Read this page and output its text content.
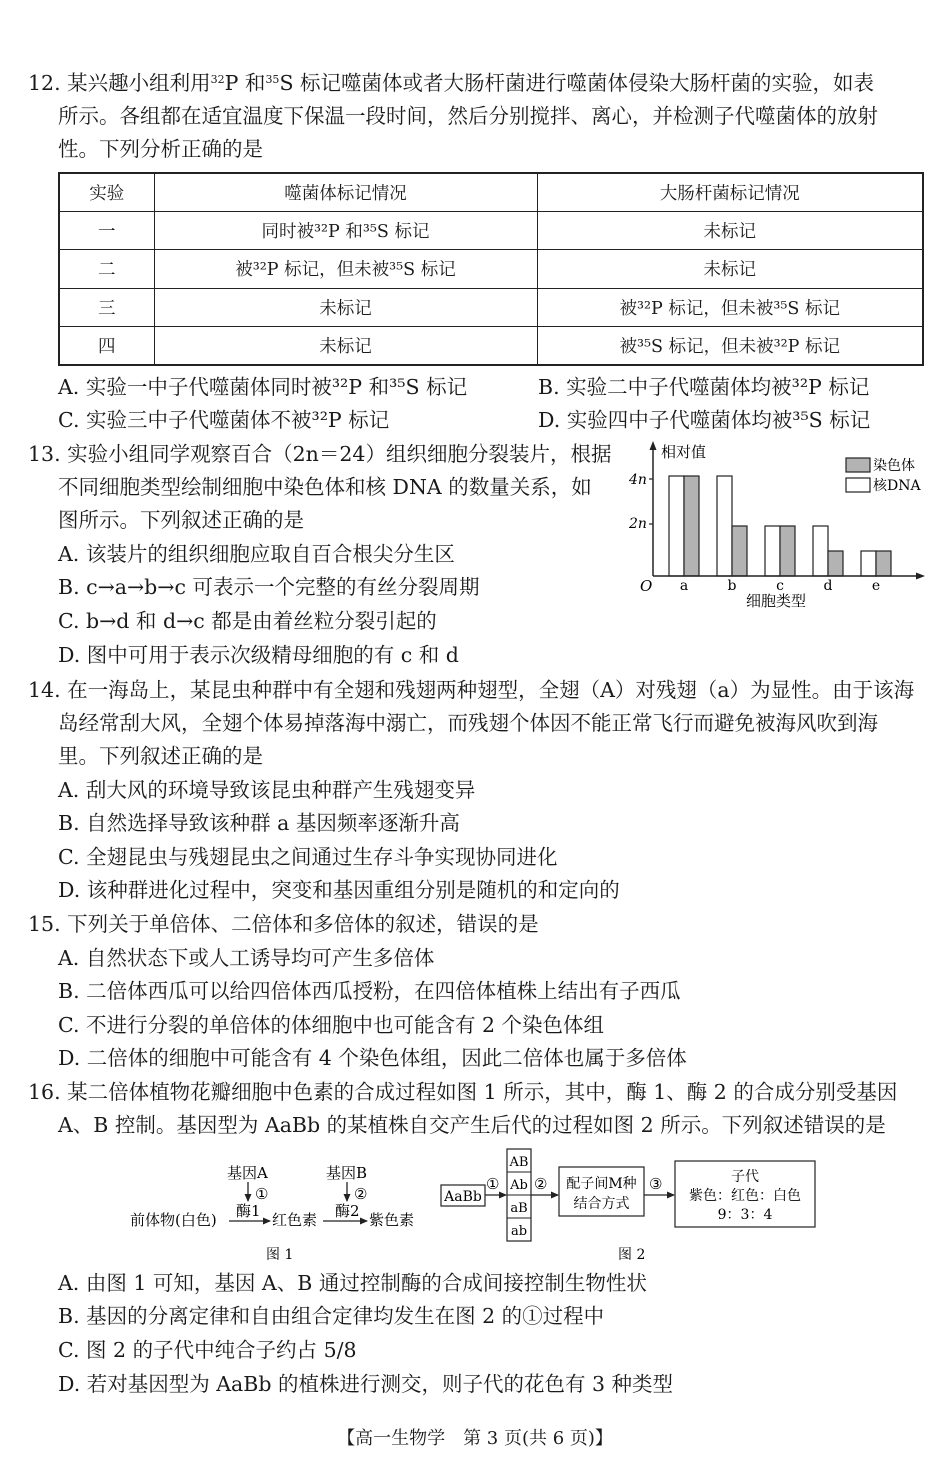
12. 某兴趣小组利用$^{32}$P 和$^{35}$S 标记噬菌体或者大肠杆菌进行噬菌体侵染大肠杆菌的实验，如表
所示。各组都在适宜温度下保温一段时间，然后分别搅拌、离心，并检测子代噬菌体的放射
性。下列分析正确的是
实验	噬菌体标记情况	大肠杆菌标记情况
一	同时被³²P 和³⁵S 标记	未标记
二	被³²P 标记，但未被³⁵S 标记	未标记
三	未标记	被³²P 标记，但未被³⁵S 标记
四	未标记	被³⁵S 标记，但未被³²P 标记
A. 实验一中子代噬菌体同时被³²P 和³⁵S 标记	B. 实验二中子代噬菌体均被³²P 标记
C. 实验三中子代噬菌体不被³²P 标记	D. 实验四中子代噬菌体均被³⁵S 标记
13. 实验小组同学观察百合（2n＝24）组织细胞分裂装片，根据
不同细胞类型绘制细胞中染色体和核 DNA 的数量关系，如
图所示。下列叙述正确的是
A. 该装片的组织细胞应取自百合根尖分生区
B. c→a→b→c 可表示一个完整的有丝分裂周期
C. b→d 和 d→c 都是由着丝粒分裂引起的
D. 图中可用于表示次级精母细胞的有 c 和 d
相对值
4n
2n
O
细胞类型
染色体
核DNA
a	b	c	d	e
14. 在一海岛上，某昆虫种群中有全翅和残翅两种翅型，全翅（A）对残翅（a）为显性。由于该海
岛经常刮大风，全翅个体易掉落海中溺亡，而残翅个体因不能正常飞行而避免被海风吹到海
里。下列叙述正确的是
A. 刮大风的环境导致该昆虫种群产生残翅变异
B. 自然选择导致该种群 a 基因频率逐渐升高
C. 全翅昆虫与残翅昆虫之间通过生存斗争实现协同进化
D. 该种群进化过程中，突变和基因重组分别是随机的和定向的
15. 下列关于单倍体、二倍体和多倍体的叙述，错误的是
A. 自然状态下或人工诱导均可产生多倍体
B. 二倍体西瓜可以给四倍体西瓜授粉，在四倍体植株上结出有子西瓜
C. 不进行分裂的单倍体的体细胞中也可能含有 2 个染色体组
D. 二倍体的细胞中可能含有 4 个染色体组，因此二倍体也属于多倍体
16. 某二倍体植物花瓣细胞中色素的合成过程如图 1 所示，其中，酶 1、酶 2 的合成分别受基因
A、B 控制。基因型为 AaBb 的某植株自交产生后代的过程如图 2 所示。下列叙述错误的是
基因A
①
基因B
②
酶1	酶2
前体物(白色)	红色素	紫色素
图 1
AaBb
①
AB
Ab
aB
ab
② 配子间M种
结合方式
③	子代
紫色：红色：白色
9：3：4
图 2
A. 由图 1 可知，基因 A、B 通过控制酶的合成间接控制生物性状
B. 基因的分离定律和自由组合定律均发生在图 2 的①过程中
C. 图 2 的子代中纯合子约占 5/8
D. 若对基因型为 AaBb 的植株进行测交，则子代的花色有 3 种类型
【高一生物学　第 3 页(共 6 页)】
